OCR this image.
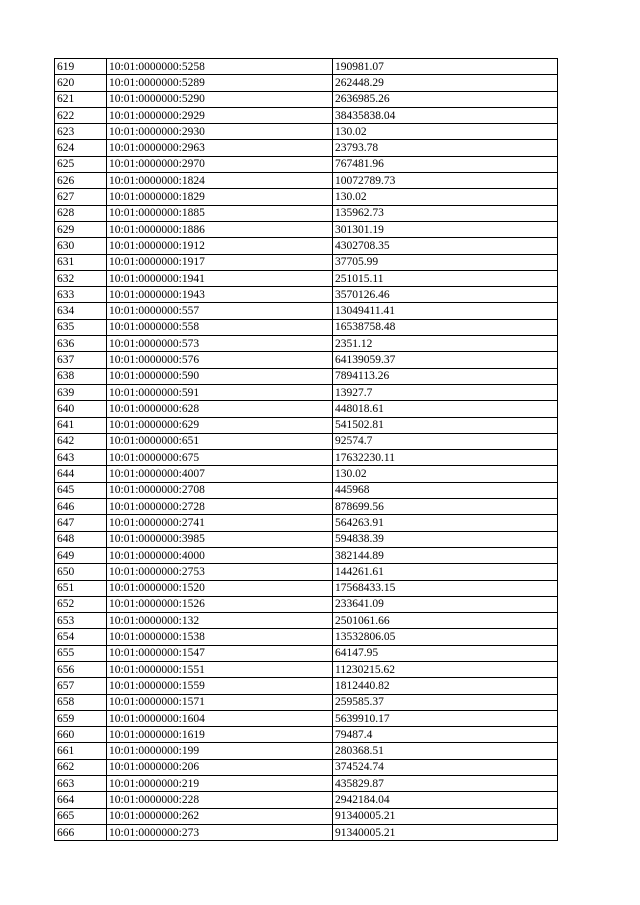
619	10:01:0000000:5258	190981.07
620	10:01:0000000:5289	262448.29
621	10:01:0000000:5290	2636985.26
622	10:01:0000000:2929	38435838.04
623	10:01:0000000:2930	130.02
624	10:01:0000000:2963	23793.78
625	10:01:0000000:2970	767481.96
626	10:01:0000000:1824	10072789.73
627	10:01:0000000:1829	130.02
628	10:01:0000000:1885	135962.73
629	10:01:0000000:1886	301301.19
630	10:01:0000000:1912	4302708.35
631	10:01:0000000:1917	37705.99
632	10:01:0000000:1941	251015.11
633	10:01:0000000:1943	3570126.46
634	10:01:0000000:557	13049411.41
635	10:01:0000000:558	16538758.48
636	10:01:0000000:573	2351.12
637	10:01:0000000:576	64139059.37
638	10:01:0000000:590	7894113.26
639	10:01:0000000:591	13927.7
640	10:01:0000000:628	448018.61
641	10:01:0000000:629	541502.81
642	10:01:0000000:651	92574.7
643	10:01:0000000:675	17632230.11
644	10:01:0000000:4007	130.02
645	10:01:0000000:2708	445968
646	10:01:0000000:2728	878699.56
647	10:01:0000000:2741	564263.91
648	10:01:0000000:3985	594838.39
649	10:01:0000000:4000	382144.89
650	10:01:0000000:2753	144261.61
651	10:01:0000000:1520	17568433.15
652	10:01:0000000:1526	233641.09
653	10:01:0000000:132	2501061.66
654	10:01:0000000:1538	13532806.05
655	10:01:0000000:1547	64147.95
656	10:01:0000000:1551	11230215.62
657	10:01:0000000:1559	1812440.82
658	10:01:0000000:1571	259585.37
659	10:01:0000000:1604	5639910.17
660	10:01:0000000:1619	79487.4
661	10:01:0000000:199	280368.51
662	10:01:0000000:206	374524.74
663	10:01:0000000:219	435829.87
664	10:01:0000000:228	2942184.04
665	10:01:0000000:262	91340005.21
666	10:01:0000000:273	91340005.21
